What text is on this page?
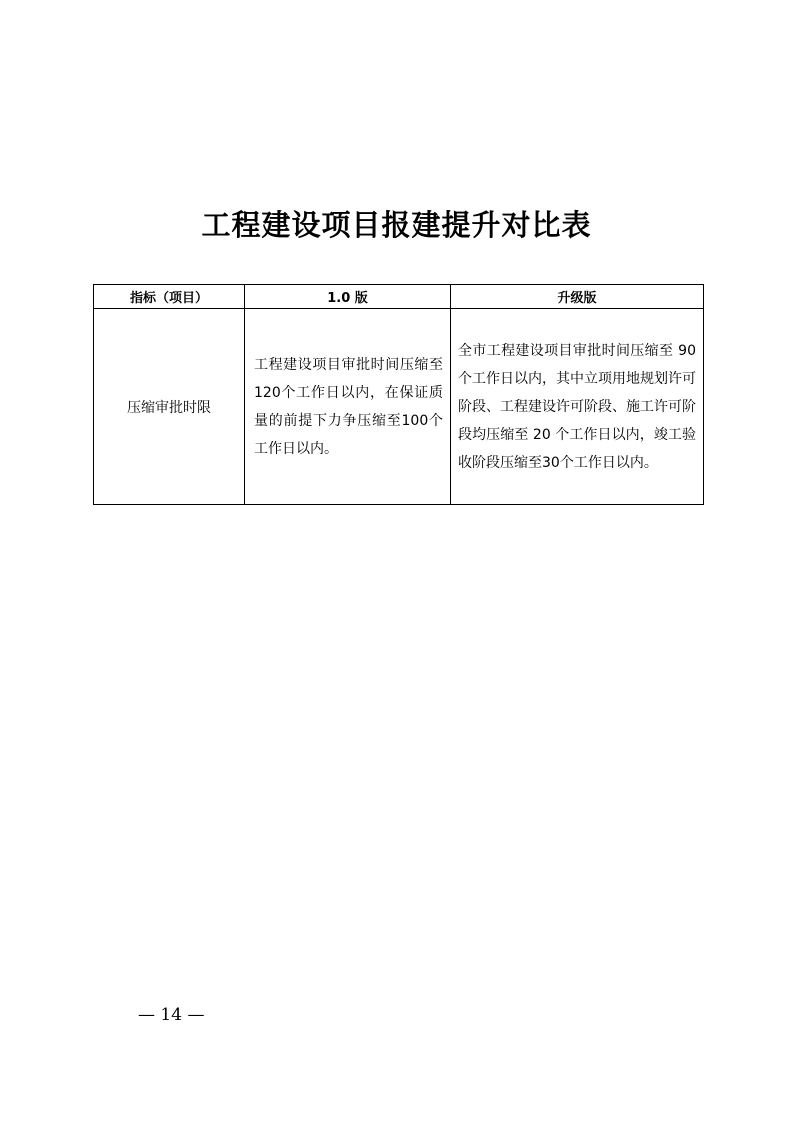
工程建设项目报建提升对比表
指标（项目）	1.0 版	升级版
压缩审批时限	工程建设项目审批时间压缩至120个工作日以内，在保证质量的前提下力争压缩至100个工作日以内。	全市工程建设项目审批时间压缩至 90 个工作日以内，其中立项用地规划许可阶段、工程建设许可阶段、施工许可阶段均压缩至 20 个工作日以内，竣工验收阶段压缩至30个工作日以内。
— 14 —
